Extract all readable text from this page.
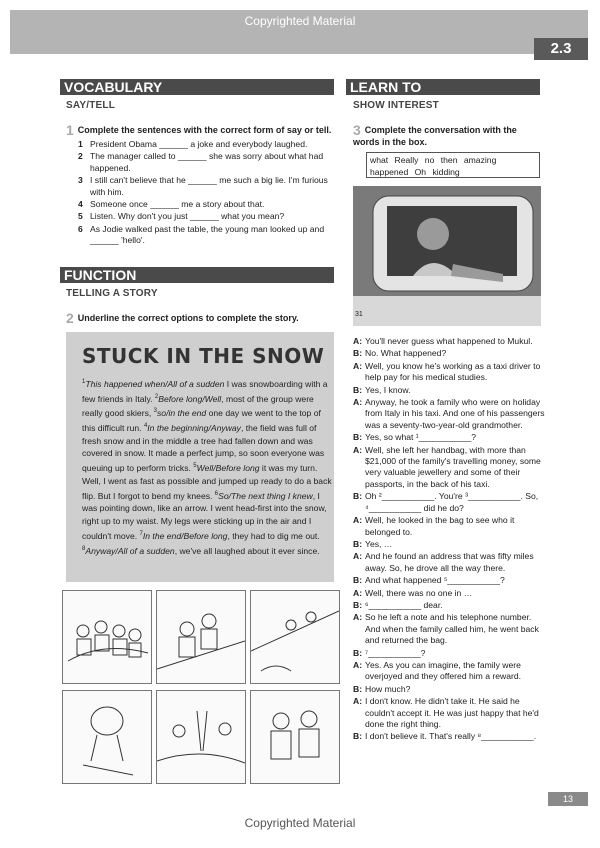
Copyrighted Material
2.3
VOCABULARY
SAY/TELL
1 Complete the sentences with the correct form of say or tell.
1 President Obama ______ a joke and everybody laughed.
2 The manager called to ______ she was sorry about what had happened.
3 I still can't believe that he ______ me such a big lie. I'm furious with him.
4 Someone once ______ me a story about that.
5 Listen. Why don't you just ______ what you mean?
6 As Jodie walked past the table, the young man looked up and ______ 'hello'.
FUNCTION
TELLING A STORY
2 Underline the correct options to complete the story.
STUCK IN THE SNOW
$^1$This happened when/All of a sudden I was snowboarding with a few friends in Italy. $^2$Before long/Well, most of the group were really good skiers, $^3$so/in the end one day we went to the top of this difficult run. $^4$In the beginning/Anyway, the field was full of fresh snow and in the middle a tree had fallen down and was covered in snow. It made a perfect jump, so soon everyone was queuing up to perform tricks. $^5$Well/Before long it was my turn. Well, I went as fast as possible and jumped up ready to do a back flip. But I forgot to bend my knees. $^6$So/The next thing I knew, I was pointing down, like an arrow. I went head-first into the snow, right up to my waist. My legs were sticking up in the air and I couldn't move. $^7$In the end/Before long, they had to dig me out. $^8$Anyway/All of a sudden, we've all laughed about it ever since.
LEARN TO
SHOW INTEREST
3 Complete the conversation with the words in the box.
what Really no then amazing happened Oh kidding
31
A: You'll never guess what happened to Mukul.
B: No. What happened?
A: Well, you know he's working as a taxi driver to help pay for his medical studies.
B: Yes, I know.
A: Anyway, he took a family who were on holiday from Italy in his taxi. And one of his passengers was a seventy-two-year-old grandmother.
B: Yes, so what ¹___________?
A: Well, she left her handbag, with more than $21,000 of the family's travelling money, some very valuable jewellery and some of their passports, in the back of his taxi.
B: Oh ²___________. You're ³___________. So, ⁴___________ did he do?
A: Well, he looked in the bag to see who it belonged to.
B: Yes, …
A: And he found an address that was fifty miles away. So, he drove all the way there.
B: And what happened ⁵___________?
A: Well, there was no one in …
B: ⁶___________ dear.
A: So he left a note and his telephone number. And when the family called him, he went back and returned the bag.
B: ⁷___________?
A: Yes. As you can imagine, the family were overjoyed and they offered him a reward.
B: How much?
A: I don't know. He didn't take it. He said he couldn't accept it. He was just happy that he'd done the right thing.
B: I don't believe it. That's really ⁸___________.
13
Copyrighted Material
